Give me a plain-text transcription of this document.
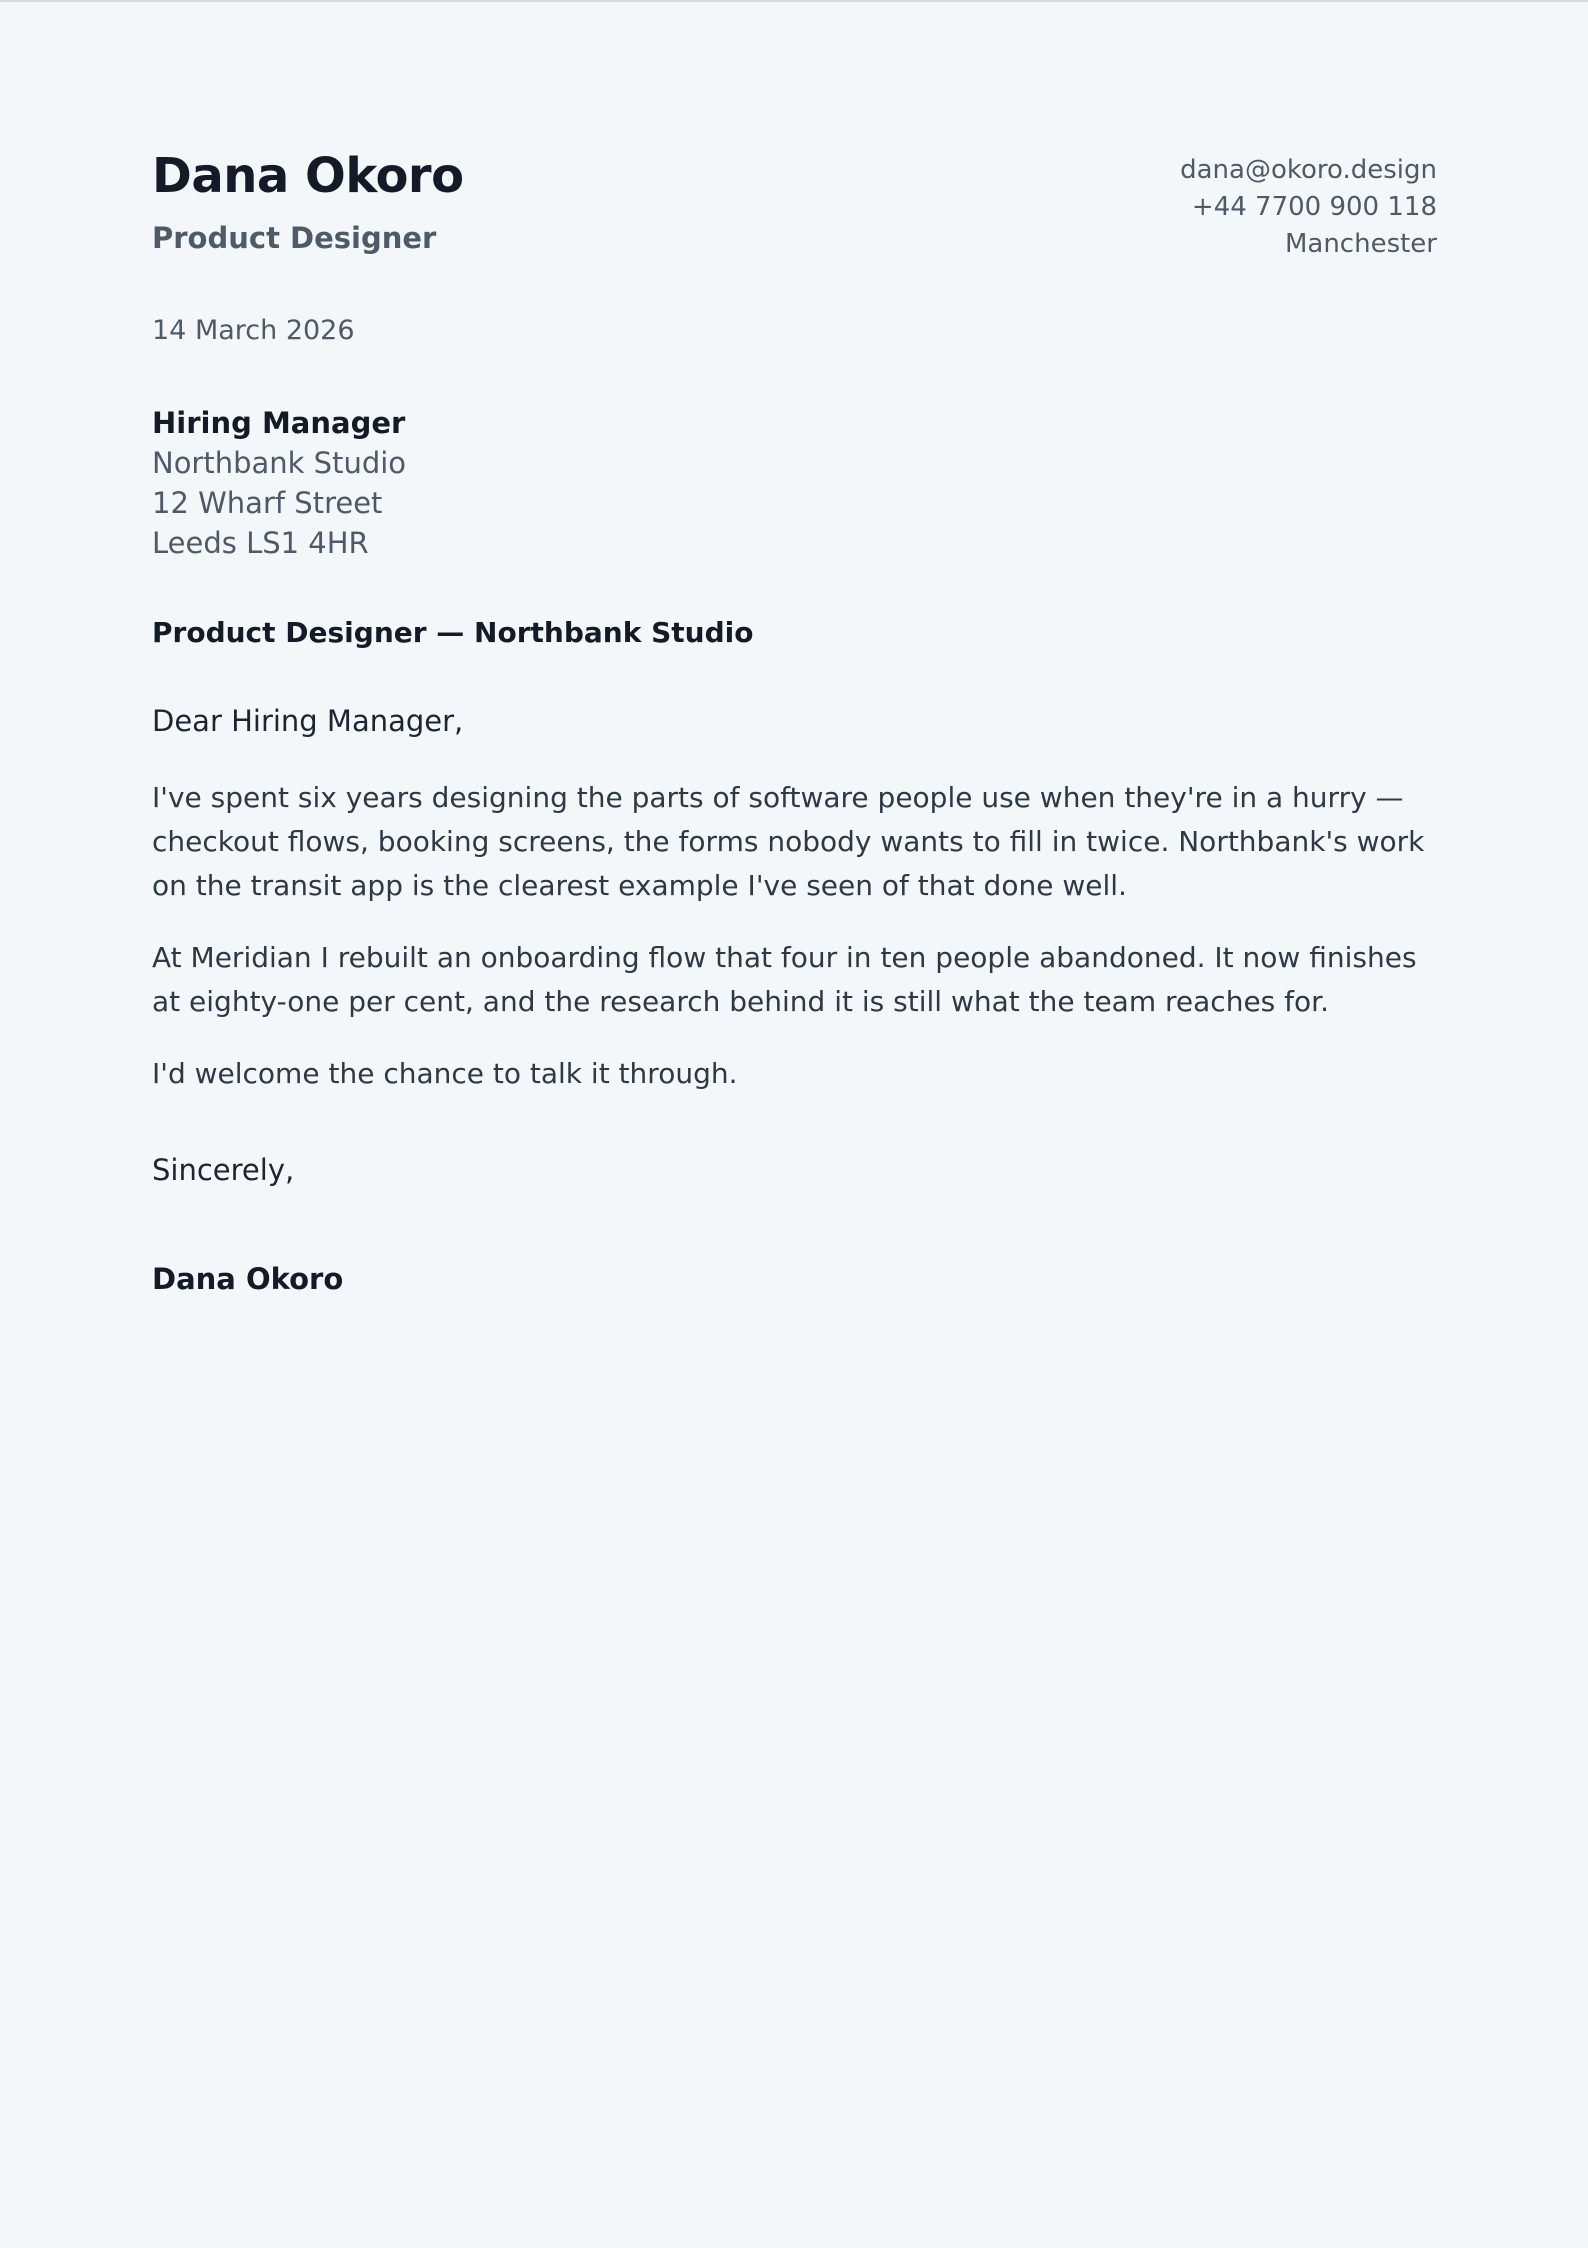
Dana Okoro
Product Designer
dana@okoro.design
+44 7700 900 118
Manchester
14 March 2026
Hiring Manager
Northbank Studio
12 Wharf Street
Leeds LS1 4HR
Product Designer — Northbank Studio
Dear Hiring Manager,

I've spent six years designing the parts of software people use when they're in a hurry — checkout flows, booking screens, the forms nobody wants to fill in twice. Northbank's work on the transit app is the clearest example I've seen of that done well.

At Meridian I rebuilt an onboarding flow that four in ten people abandoned. It now finishes at eighty-one per cent, and the research behind it is still what the team reaches for.

I'd welcome the chance to talk it through.

Sincerely,
Dana Okoro
